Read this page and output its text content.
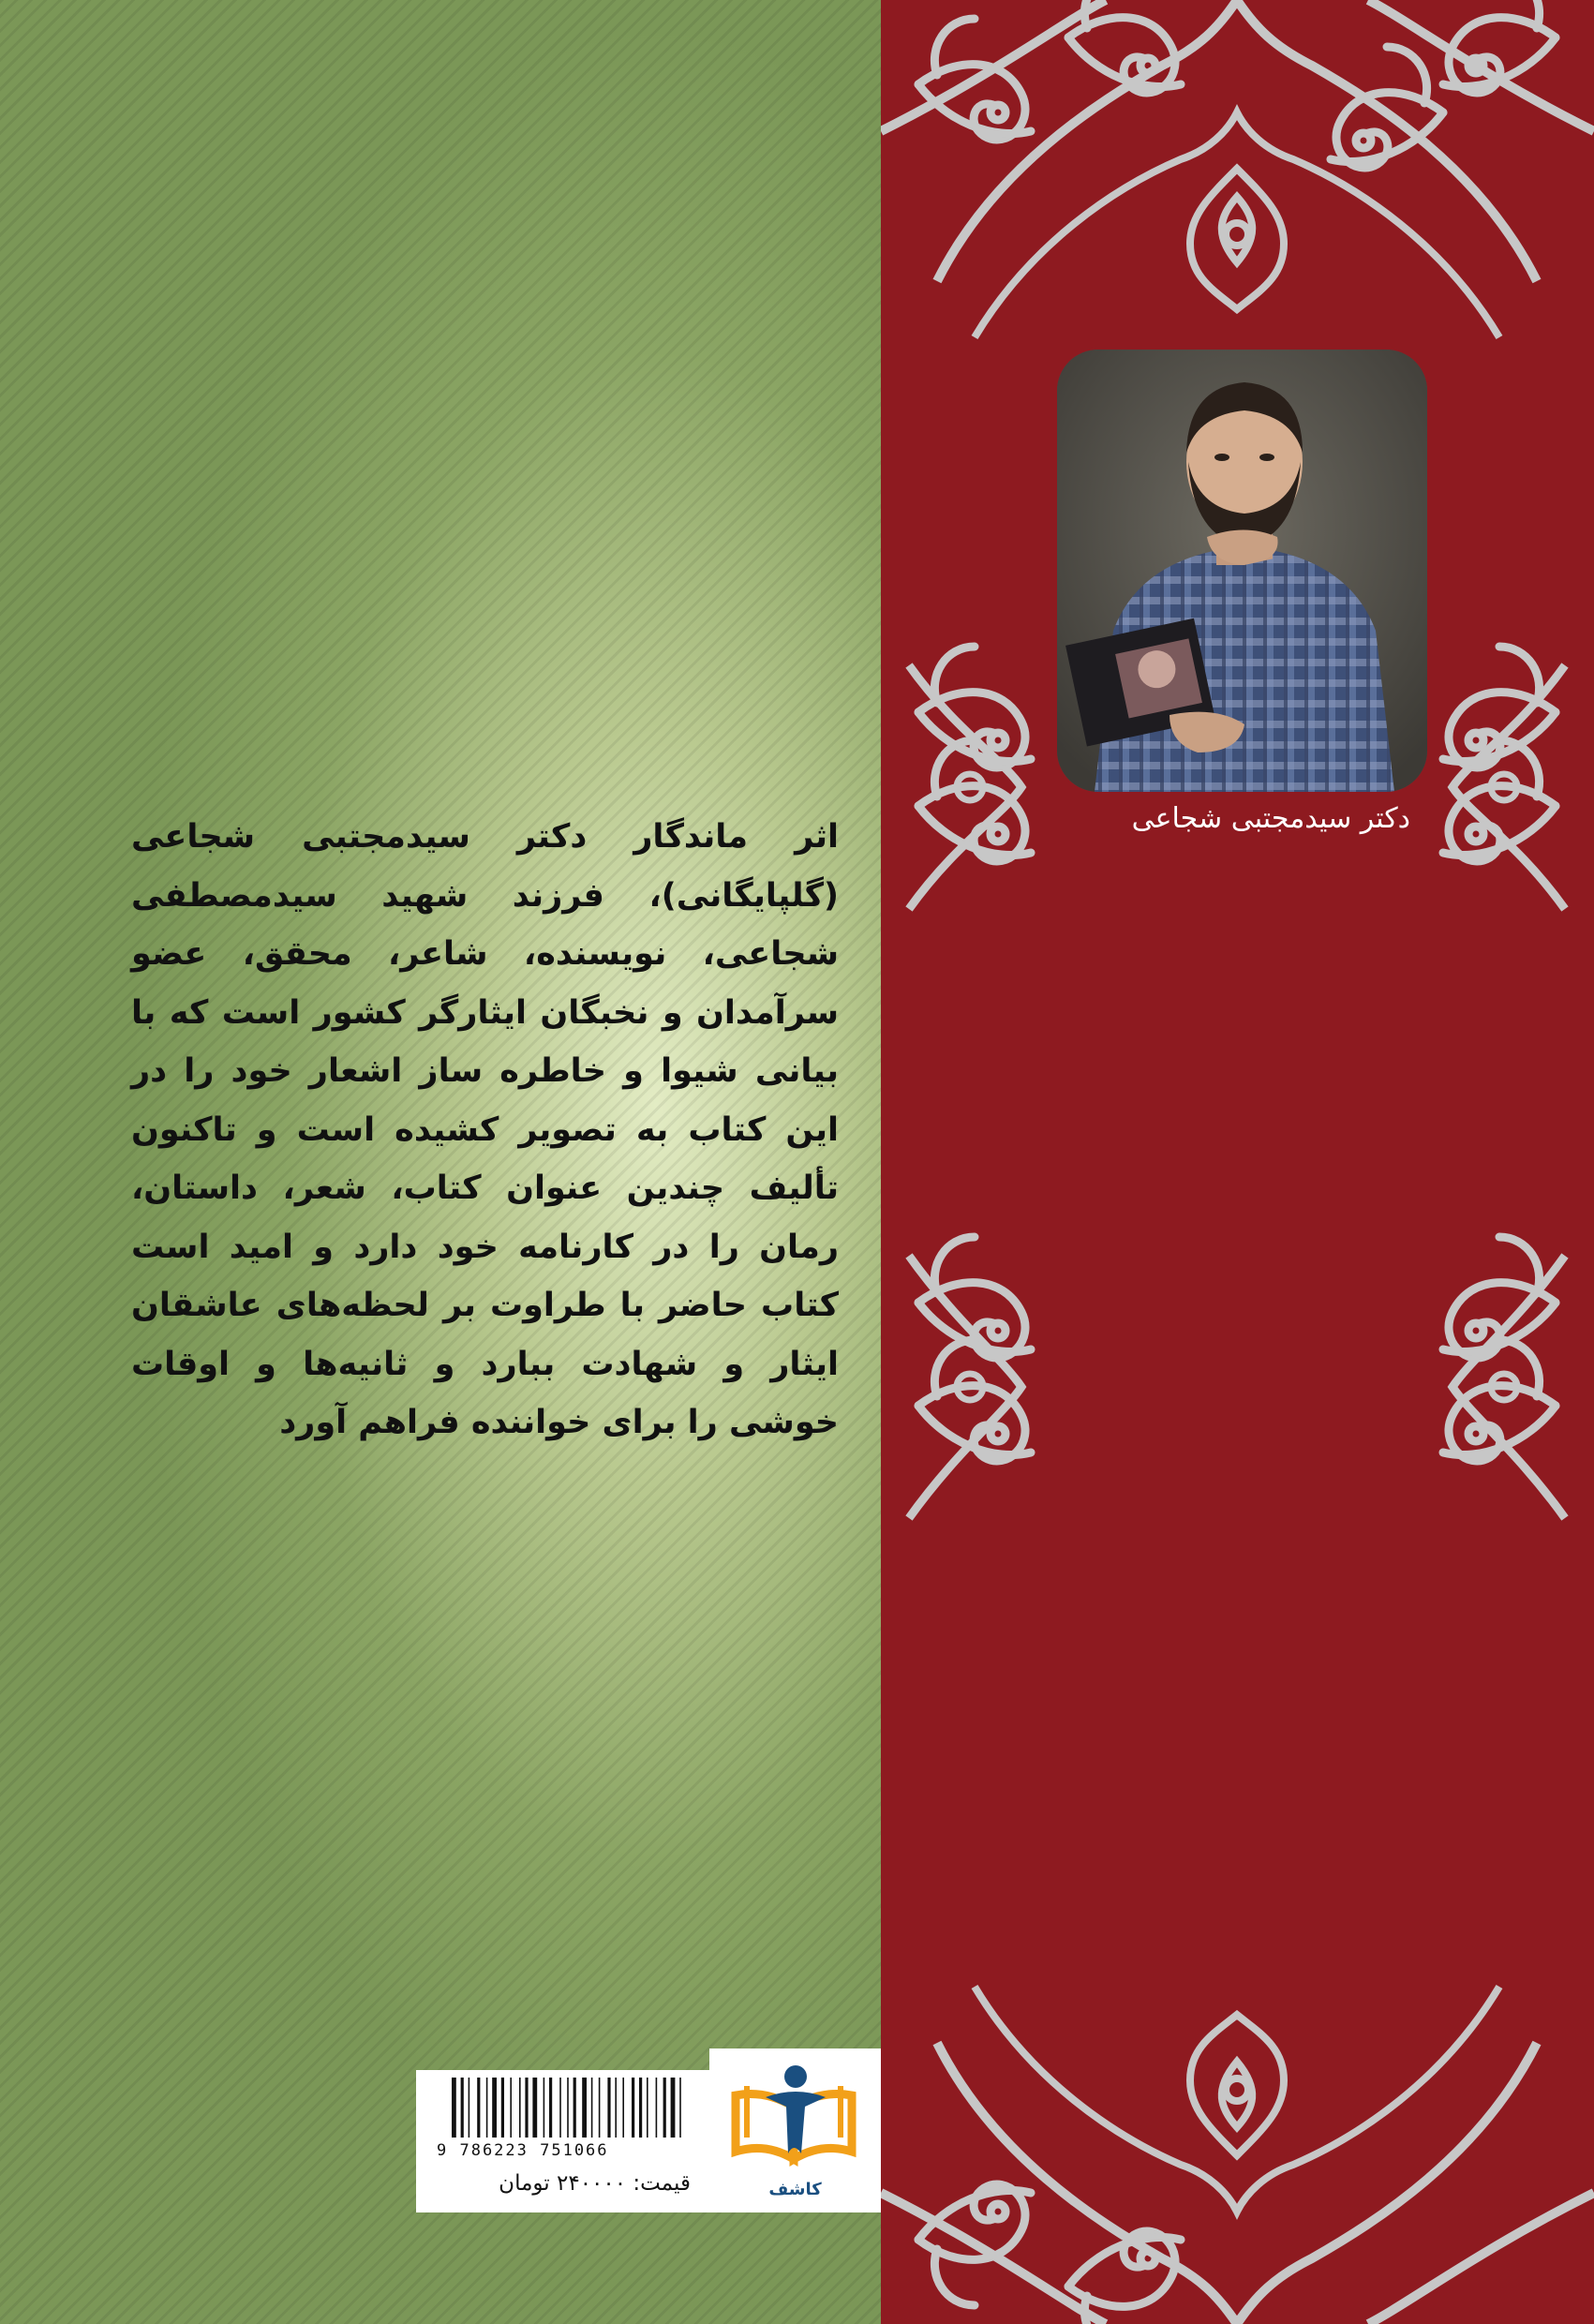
اثر ماندگار دکتر سیدمجتبی شجاعی (گلپایگانی)، فرزند شهید سیدمصطفی شجاعی، نویسنده، شاعر، محقق، عضو سرآمدان و نخبگان ایثارگر کشور است که با بیانی شیوا و خاطره ساز اشعار خود را در این کتاب به تصویر کشیده است و تاکنون تألیف چندین عنوان کتاب، شعر، داستان، رمان را در کارنامه خود دارد و امید است کتاب حاضر با طراوت بر لحظه‌های عاشقان ایثار و شهادت ببارد و ثانیه‌ها و اوقات خوشی را برای خواننده فراهم آورد
9 786223 751066
قیمت: ۲۴۰۰۰۰ تومان	کاشف
دکتر سیدمجتبی شجاعی
